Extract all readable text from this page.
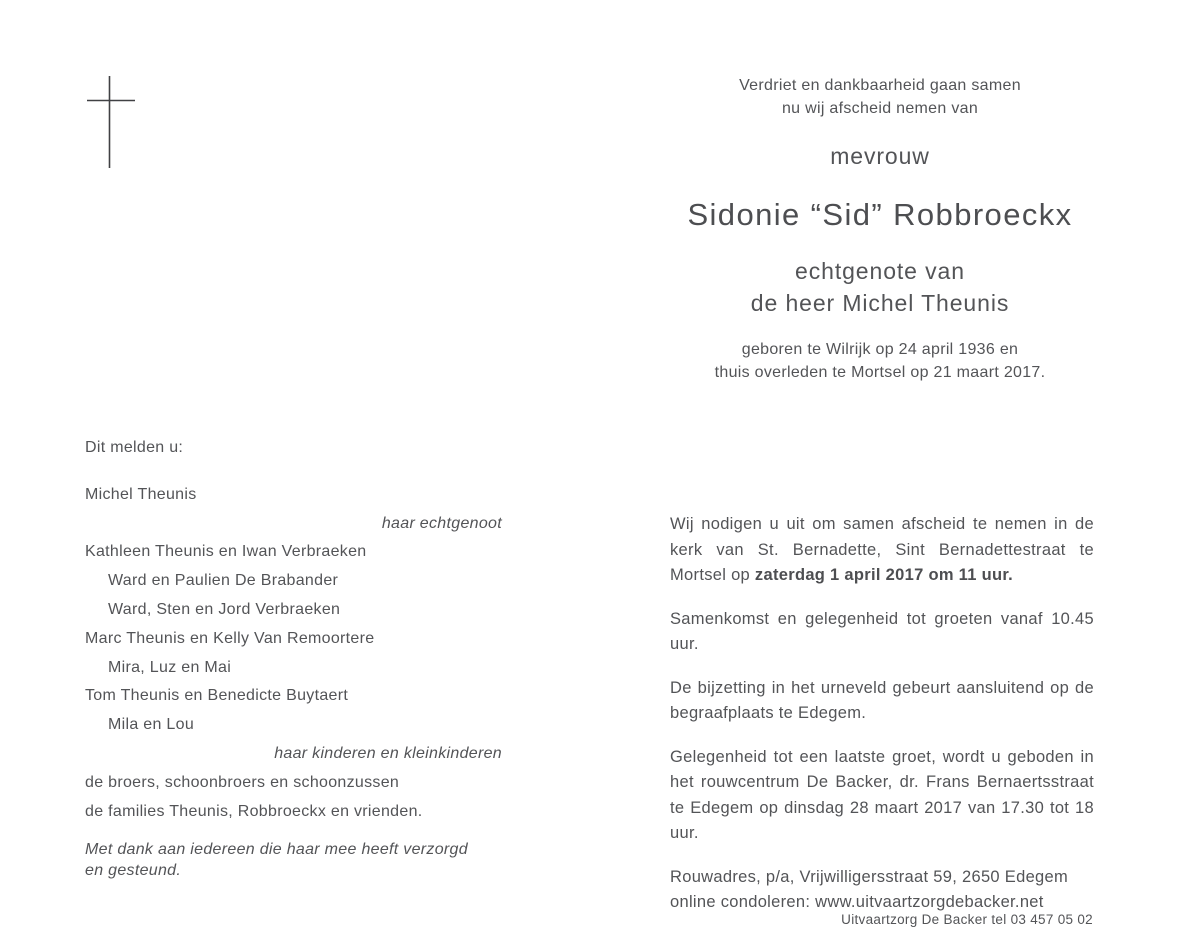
Verdriet en dankbaarheid gaan samen
nu wij afscheid nemen van
mevrouw
Sidonie “Sid” Robbroeckx
echtgenote van
de heer Michel Theunis
geboren te Wilrijk op 24 april 1936 en
thuis overleden te Mortsel op 21 maart 2017.
Dit melden u:
Michel Theunis
haar echtgenoot
Kathleen Theunis en Iwan Verbraeken
Ward en Paulien De Brabander
Ward, Sten en Jord Verbraeken
Marc Theunis en Kelly Van Remoortere
Mira, Luz en Mai
Tom Theunis en Benedicte Buytaert
Mila en Lou
haar kinderen en kleinkinderen
de broers, schoonbroers en schoonzussen
de families Theunis, Robbroeckx en vrienden.
Met dank aan iedereen die haar mee heeft verzorgd
en gesteund.

Wij nodigen u uit om samen afscheid te nemen in de kerk van St. Bernadette, Sint Bernadettestraat te Mortsel op zaterdag 1 april 2017 om 11 uur.

Samenkomst en gelegenheid tot groeten vanaf 10.45 uur.

De bijzetting in het urneveld gebeurt aansluitend op de begraafplaats te Edegem.

Gelegenheid tot een laatste groet, wordt u geboden in het rouwcentrum De Backer, dr. Frans Bernaertsstraat te Edegem op dinsdag 28 maart 2017 van 17.30 tot 18 uur.

Rouwadres, p/a, Vrijwilligersstraat 59, 2650 Edegem
online condoleren: www.uitvaartzorgdebacker.net

Uitvaartzorg De Backer tel 03 457 05 02
